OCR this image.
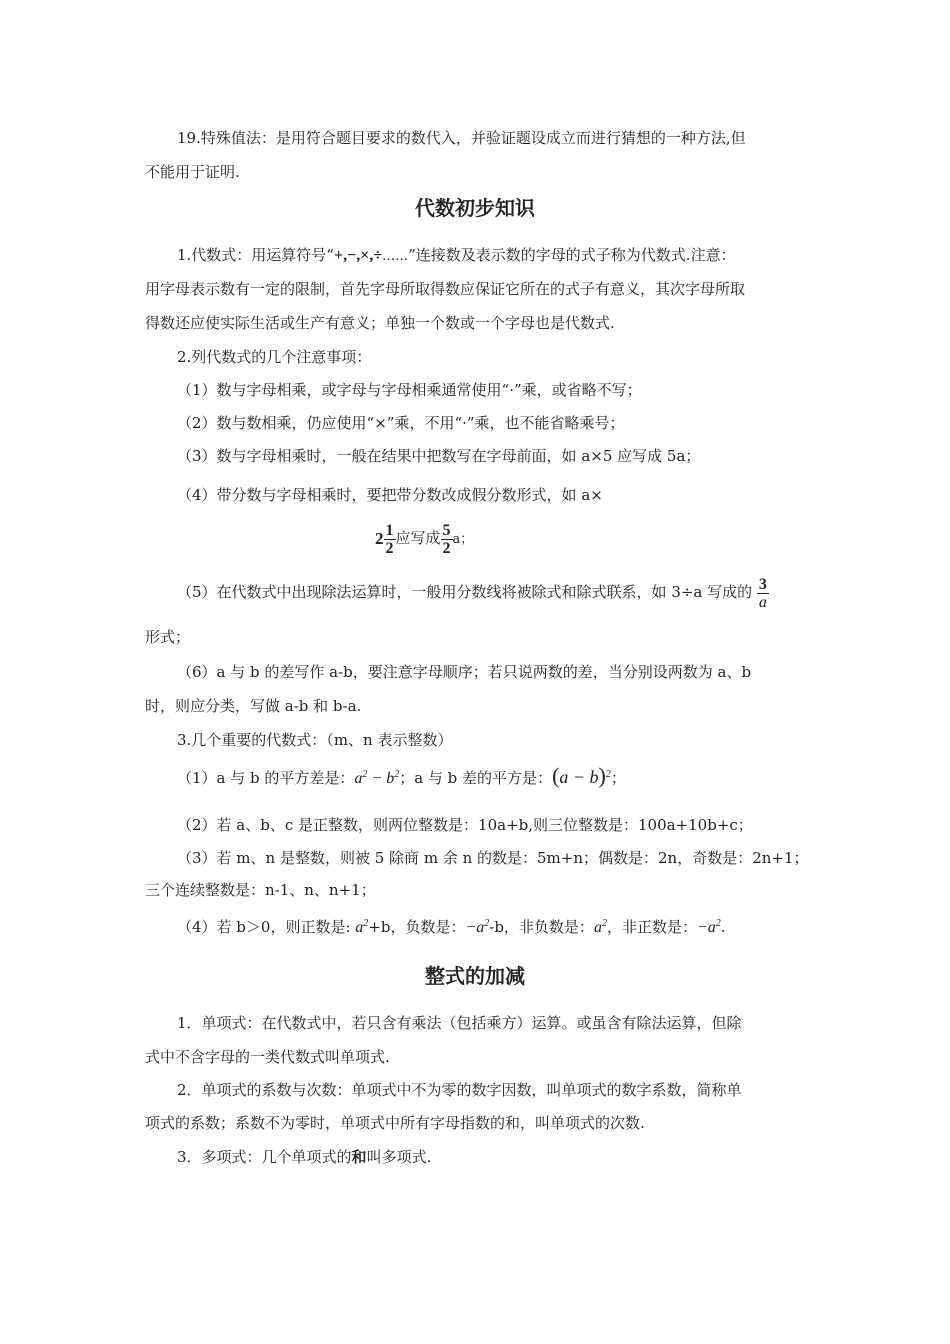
19.特殊值法：是用符合题目要求的数代入，并验证题设成立而进行猜想的一种方法,但
不能用于证明.
代数初步知识
1.代数式：用运算符号“+,−,×,÷……”连接数及表示数的字母的式子称为代数式.注意：
用字母表示数有一定的限制，首先字母所取得数应保证它所在的式子有意义，其次字母所取
得数还应使实际生活或生产有意义；单独一个数或一个字母也是代数式.
2.列代数式的几个注意事项：
（1）数与字母相乘，或字母与字母相乘通常使用“·”乘，或省略不写；
（2）数与数相乘，仍应使用“×”乘，不用“·”乘，也不能省略乘号；
（3）数与字母相乘时，一般在结果中把数写在字母前面，如 a×5 应写成 5a；
（4）带分数与字母相乘时，要把带分数改成假分数形式，如 a×
$2 \frac{1}{2}$ 应写成 $\frac{5}{2}$ a；
（5）在代数式中出现除法运算时，一般用分数线将被除式和除式联系，如 3÷a 写成的 $\frac{3}{a}$
形式；
（6）a 与 b 的差写作 a-b，要注意字母顺序；若只说两数的差，当分别设两数为 a、b
时，则应分类，写做 a-b 和 b-a.
3.几个重要的代数式：（m、n 表示整数）
（1）a 与 b 的平方差是：$a^2 - b^2$；a 与 b 差的平方是：$(a - b)^2$；
（2）若 a、b、c 是正整数，则两位整数是：10a+b,则三位整数是：100a+10b+c；
（3）若 m、n 是整数，则被 5 除商 m 余 n 的数是：5m+n；偶数是：2n，奇数是：2n+1；
三个连续整数是：n-1、n、n+1；
（4）若 b＞0，则正数是: $a^2+b$，负数是：$-a^2-b$，非负数是：$a^2$，非正数是：$-a^2$.
整式的加减
1．单项式：在代数式中，若只含有乘法（包括乘方）运算。或虽含有除法运算，但除
式中不含字母的一类代数式叫单项式.
2．单项式的系数与次数：单项式中不为零的数字因数，叫单项式的数字系数，简称单
项式的系数；系数不为零时，单项式中所有字母指数的和，叫单项式的次数.
3．多项式：几个单项式的和叫多项式.
